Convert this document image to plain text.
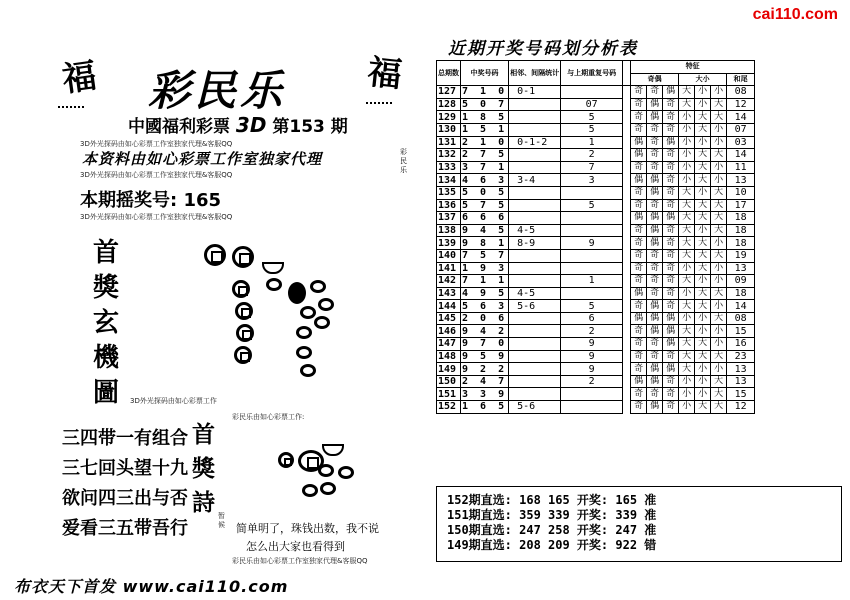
cai110.com
福 彩民乐 福
中國福利彩票 3D 第153 期
3D外光探码由如心彩票工作室独家代理&客服QQ
本资料由如心彩票工作室独家代理	彩民乐
3D外光探码由如心彩票工作室独家代理&客服QQ
本期摇奖号: 165
3D外光探码由如心彩票工作室独家代理&客服QQ
首
獎
玄
機
圖	3D外光探码由如心彩票工作
彩民乐由如心彩票工作:
三四带一有组合
三七回头望十九
欲问四三出与否
爱看三五带吾行
首
獎
詩 暂候	简单明了，珠钱出数，我不说
怎么出大家也看得到
彩民乐由如心彩票工作室独家代理&客服QQ
布衣天下首发 www.cai110.com
近期开奖号码划分析表
总期数	中奖号码	相邻、间隔统计	与上期重复号码		特征						
					奇偶			大小			和尾
127	7 1 0	0-1			奇	奇	偶	大	小	小	08
128	5 0 7		07		奇	偶	奇	大	小	大	12
129	1 8 5		5		奇	偶	奇	小	大	大	14
130	1 5 1		5		奇	奇	奇	小	大	小	07
131	2 1 0	0-1-2	1		偶	奇	偶	小	小	小	03
132	2 7 5		2		偶	奇	奇	小	大	大	14
133	3 7 1		7		奇	奇	奇	小	大	小	11
134	4 6 3	3-4	3		偶	偶	奇	小	大	小	13
135	5 0 5				奇	偶	奇	大	小	大	10
136	5 7 5		5		奇	奇	奇	大	大	大	17
137	6 6 6				偶	偶	偶	大	大	大	18
138	9 4 5	4-5			奇	偶	奇	大	小	大	18
139	9 8 1	8-9	9		奇	偶	奇	大	大	小	18
140	7 5 7				奇	奇	奇	大	大	大	19
141	1 9 3				奇	奇	奇	小	大	小	13
142	7 1 1		1		奇	奇	奇	大	小	小	09
143	4 9 5	4-5			偶	奇	奇	小	大	大	18
144	5 6 3	5-6	5		奇	偶	奇	大	大	小	14
145	2 0 6		6		偶	偶	偶	小	小	大	08
146	9 4 2		2		奇	偶	偶	大	小	小	15
147	9 7 0		9		奇	奇	偶	大	大	小	16
148	9 5 9		9		奇	奇	奇	大	大	大	23
149	9 2 2		9		奇	偶	偶	大	小	小	13
150	2 4 7		2		偶	偶	奇	小	小	大	13
151	3 3 9				奇	奇	奇	小	小	大	15
152	1 6 5	5-6			奇	偶	奇	小	大	大	12
152期直选: 168 165 开奖: 165 准
151期直选: 359 339 开奖: 339 准
150期直选: 247 258 开奖: 247 准
149期直选: 208 209 开奖: 922 错
